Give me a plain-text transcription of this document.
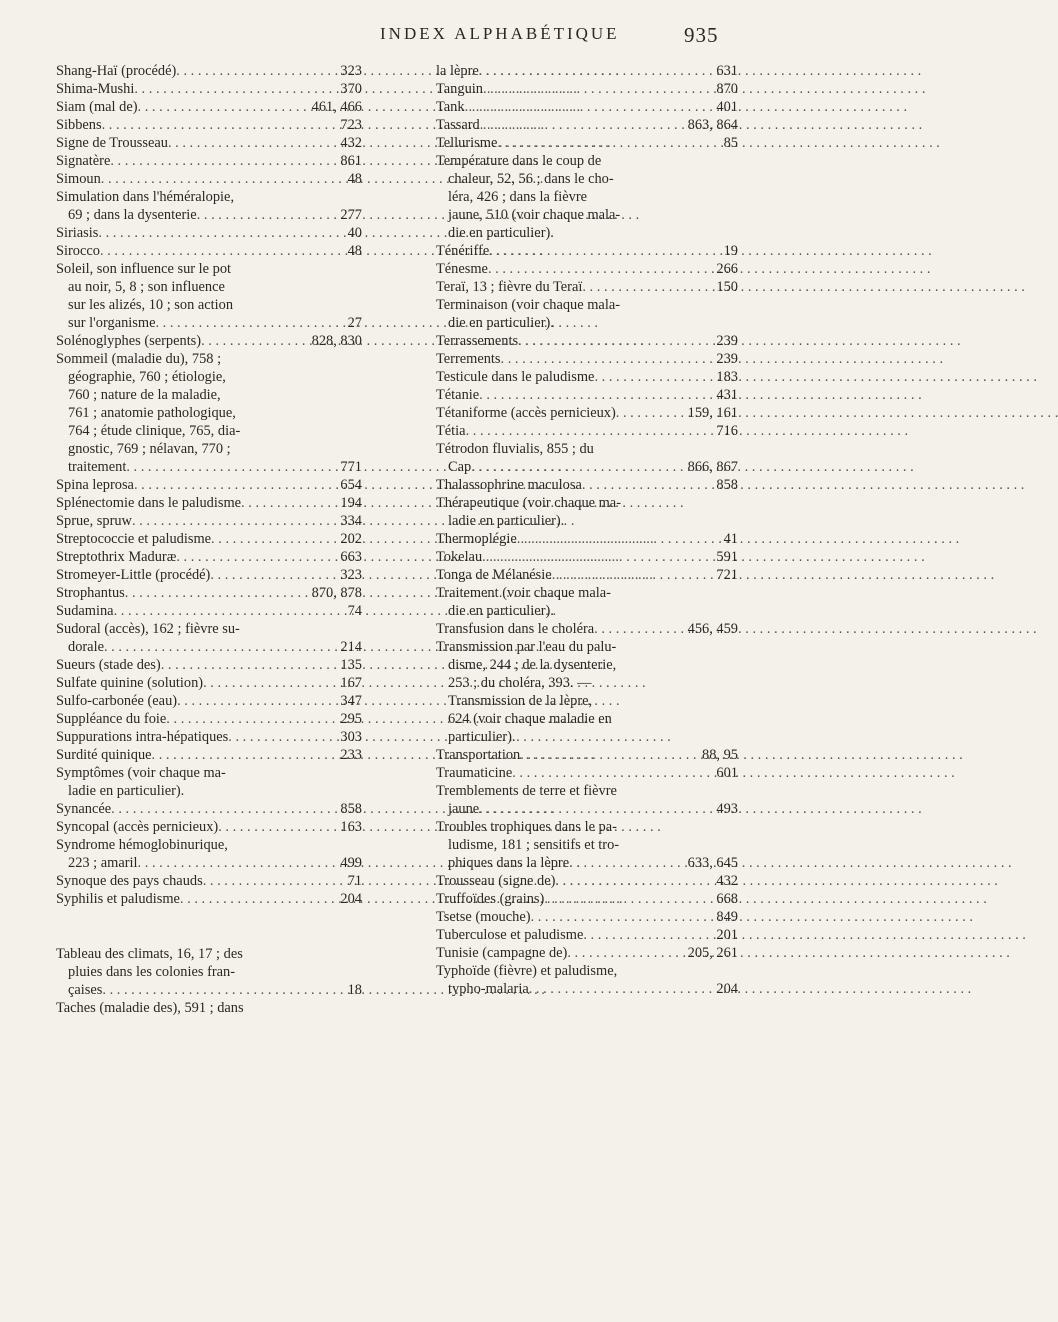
INDEX ALPHABÉTIQUE	935
Shang-Haï (procédé) . . .	323
Shima-Mushi . . .	370
Siam (mal de) . . .	461, 466
Sibbens . . .	723
Signe de Trousseau . . .	432
Signatère . . .	861
Simoun . . .	48
Simulation dans l'héméralopie,
69 ; dans la dysenterie . . .	277
Siriasis . . .	40
Sirocco . . .	48
Soleil, son influence sur le pot
au noir, 5, 8 ; son influence
sur les alizés, 10 ; son action
sur l'organisme . . .	27
Solénoglyphes (serpents) . . .	828, 830
Sommeil (maladie du), 758 ;
géographie, 760 ; étiologie,
760 ; nature de la maladie,
761 ; anatomie pathologique,
764 ; étude clinique, 765, dia-
gnostic, 769 ; nélavan, 770 ;
traitement . . .	771
Spina leprosa . . .	654
Splénectomie dans le paludisme . . .	194
Sprue, spruw . . .	334
Streptococcie et paludisme . . .	202
Streptothrix Maduræ . . .	663
Stromeyer-Little (procédé) . . .	323
Strophantus . . .	870, 878
Sudamina . . .	74
Sudoral (accès), 162 ; fièvre su-
dorale . . .	214
Sueurs (stade des) . . .	135
Sulfate quinine (solution) . . .	167
Sulfo-carbonée (eau) . . .	347
Suppléance du foie . . .	295
Suppurations intra-hépatiques . . .	303
Surdité quinique . . .	233
Symptômes (voir chaque ma-
ladie en particulier).
Synancée . . .	858
Syncopal (accès pernicieux) . . .	163
Syndrome hémoglobinurique,
223 ; amaril . . .	499
Synoque des pays chauds . . .	71
Syphilis et paludisme . . .	204
Tableau des climats, 16, 17 ; des
pluies dans les colonies fran-
çaises . . .	18
Taches (maladie des), 591 ; dans
la lèpre . . .	631
Tanguin . . .	870
Tank . . .	401
Tassard . . .	863, 864
Tellurisme . . .	85
Température dans le coup de
chaleur, 52, 56 ; dans le cho-
léra, 426 ; dans la fièvre
jaune, 510 (voir chaque mala-
die en particulier).
Ténériffe . . .	19
Ténesme . . .	266
Teraï, 13 ; fièvre du Teraï . . .	150
Terminaison (voir chaque mala-
die en particulier).
Terrassements . . .	239
Terrements . . .	239
Testicule dans le paludisme . . .	183
Tétanie . . .	431
Tétaniforme (accès pernicieux) . . .	159, 161
Tétia . . .	716
Tétrodon fluvialis, 855 ; du
Cap . . .	866, 867
Thalassophrine maculosa . . .	858
Thérapeutique (voir chaque ma-
ladie en particulier).
Thermoplégie . . .	41
Tokelau . . .	591
Tonga de Mélanésie . . .	721
Traitement (voir chaque mala-
die en particulier).
Transfusion dans le choléra . . .	456, 459
Transmission par l'eau du palu-
disme, 244 ; de la dysenterie,
253 ; du choléra, 393. —
Transmission de la lèpre,
624 (voir chaque maladie en
particulier).
Transportation . . .	88, 95
Traumaticine . . .	601
Tremblements de terre et fièvre
jaune . . .	493
Troubles trophiques dans le pa-
ludisme, 181 ; sensitifs et tro-
phiques dans la lèpre . . .	633, 645
Trousseau (signe de) . . .	432
Truffoïdes (grains) . . .	668
Tsetse (mouche) . . .	849
Tuberculose et paludisme . . .	201
Tunisie (campagne de) . . .	205, 261
Typhoïde (fièvre) et paludisme,
typho-malaria . . .	204
